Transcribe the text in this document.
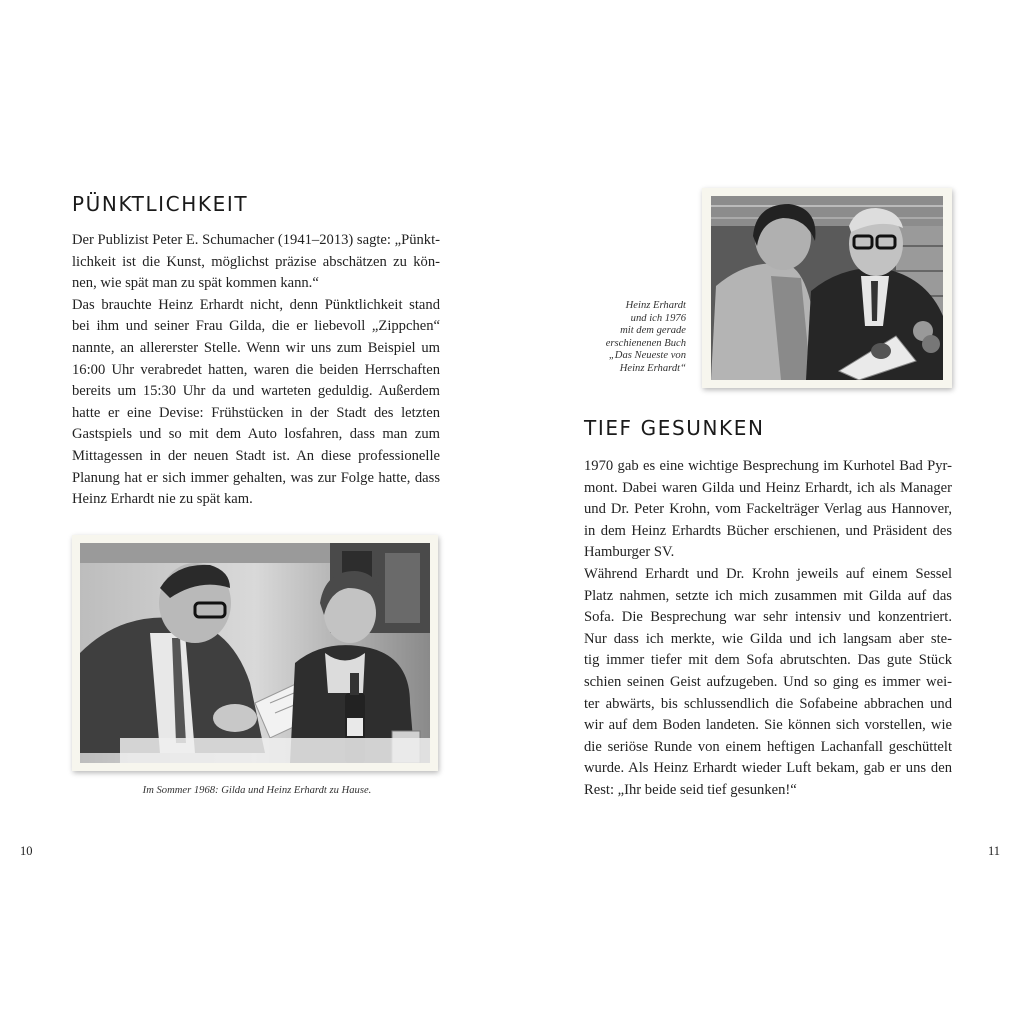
PÜNKTLICHKEIT
Der Publizist Peter E. Schumacher (1941–2013) sagte: „Pünkt-
lichkeit ist die Kunst, möglichst präzise abschätzen zu kön-
nen, wie spät man zu spät kommen kann.“
Das brauchte Heinz Erhardt nicht, denn Pünktlichkeit stand
bei ihm und seiner Frau Gilda, die er liebevoll „Zippchen“
nannte, an allererster Stelle. Wenn wir uns zum Beispiel um
16:00 Uhr verabredet hatten, waren die beiden Herrschaften
bereits um 15:30 Uhr da und warteten geduldig. Außerdem
hatte er eine Devise: Frühstücken in der Stadt des letzten
Gastspiels und so mit dem Auto losfahren, dass man zum
Mittagessen in der neuen Stadt ist. An diese professionelle
Planung hat er sich immer gehalten, was zur Folge hatte, dass
Heinz Erhardt nie zu spät kam.
Im Sommer 1968: Gilda und Heinz Erhardt zu Hause.
10
Heinz Erhardt
und ich 1976
mit dem gerade
erschienenen Buch
„Das Neueste von
Heinz Erhardt“
TIEF GESUNKEN
1970 gab es eine wichtige Besprechung im Kurhotel Bad Pyr-
mont. Dabei waren Gilda und Heinz Erhardt, ich als Manager
und Dr. Peter Krohn, vom Fackelträger Verlag aus Hannover,
in dem Heinz Erhardts Bücher erschienen, und Präsident des
Hamburger SV.
Während Erhardt und Dr. Krohn jeweils auf einem Sessel
Platz nahmen, setzte ich mich zusammen mit Gilda auf das
Sofa. Die Besprechung war sehr intensiv und konzentriert.
Nur dass ich merkte, wie Gilda und ich langsam aber ste-
tig immer tiefer mit dem Sofa abrutschten. Das gute Stück
schien seinen Geist aufzugeben. Und so ging es immer wei-
ter abwärts, bis schlussendlich die Sofabeine abbrachen und
wir auf dem Boden landeten. Sie können sich vorstellen, wie
die seriöse Runde von einem heftigen Lachanfall geschüttelt
wurde. Als Heinz Erhardt wieder Luft bekam, gab er uns den
Rest: „Ihr beide seid tief gesunken!“
11
